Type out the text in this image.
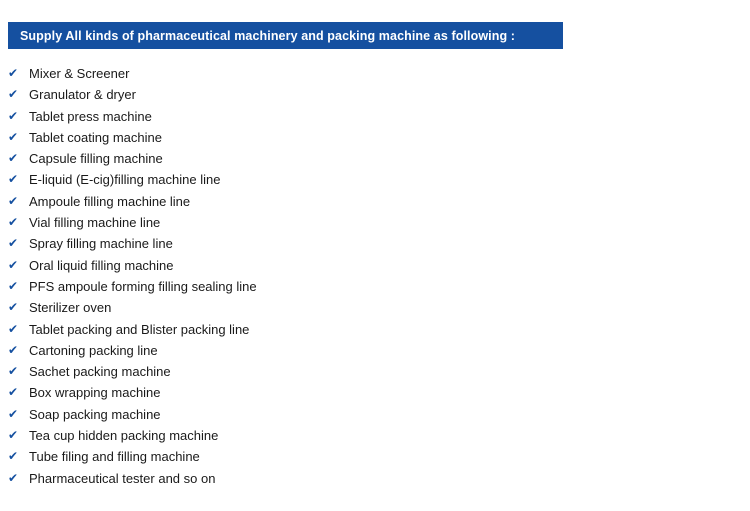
Supply All kinds of pharmaceutical machinery and packing machine as following :
✔ Mixer & Screener
✔ Granulator & dryer
✔ Tablet press machine
✔ Tablet coating machine
✔ Capsule filling machine
✔ E-liquid (E-cig)filling machine line
✔ Ampoule filling machine line
✔ Vial filling machine line
✔ Spray filling machine line
✔ Oral liquid filling machine
✔ PFS ampoule forming filling sealing line
✔ Sterilizer oven
✔ Tablet packing and Blister packing line
✔ Cartoning packing line
✔ Sachet packing machine
✔ Box wrapping machine
✔ Soap packing machine
✔ Tea cup hidden packing machine
✔ Tube filing and filling machine
✔ Pharmaceutical tester and so on
